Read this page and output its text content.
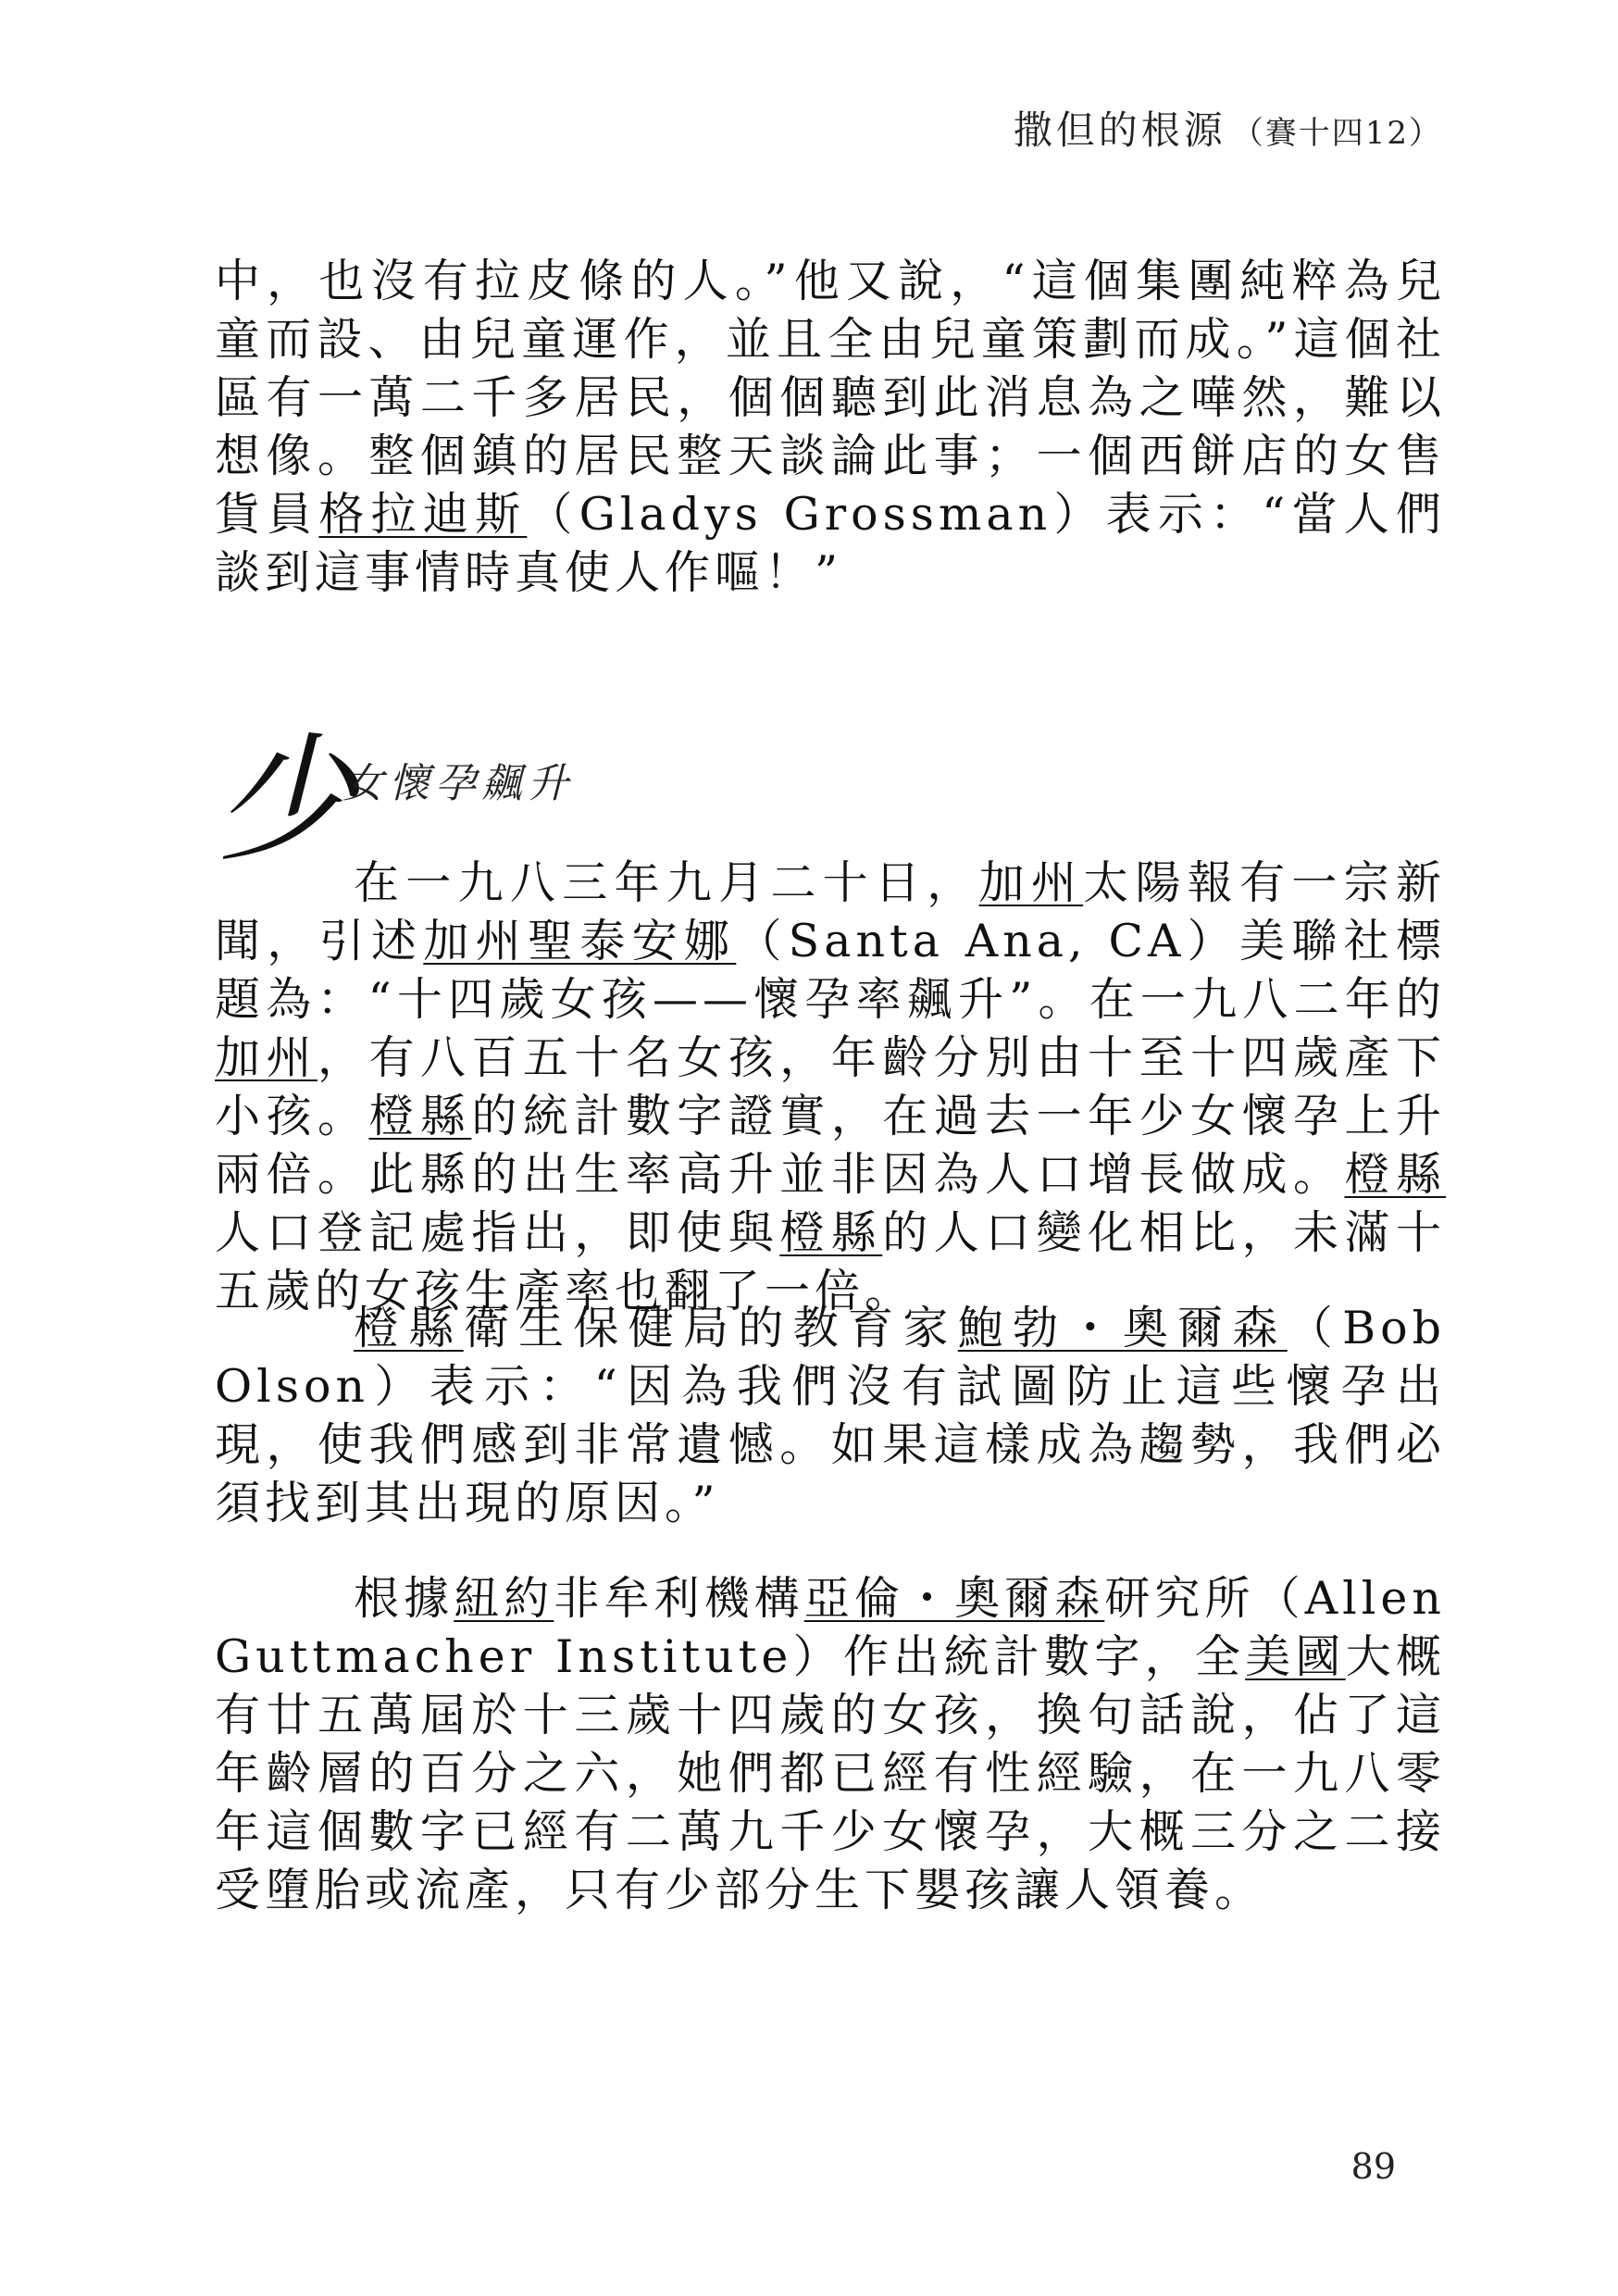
撒但的根源 （賽十四12）

中，也沒有拉皮條的人。”他又說，“這個集團純粹為兒童而設、由兒童運作，並且全由兒童策劃而成。”這個社區有一萬二千多居民，個個聽到此消息為之嘩然，難以想像。整個鎮的居民整天談論此事；一個西餅店的女售貨員格拉迪斯（Gladys Grossman）表示：“當人們談到這事情時真使人作嘔！”

少
女懷孕飆升

在一九八三年九月二十日，加州太陽報有一宗新聞，引述加州聖泰安娜（Santa Ana, CA）美聯社標題為：“十四歲女孩——懷孕率飆升”。在一九八二年的加州，有八百五十名女孩，年齡分別由十至十四歲產下小孩。橙縣的統計數字證實，在過去一年少女懷孕上升兩倍。此縣的出生率高升並非因為人口增長做成。橙縣人口登記處指出，即使與橙縣的人口變化相比，未滿十五歲的女孩生產率也翻了一倍。

橙縣衛生保健局的教育家鮑勃・奧爾森（Bob Olson）表示：“因為我們沒有試圖防止這些懷孕出現，使我們感到非常遺憾。如果這樣成為趨勢，我們必須找到其出現的原因。”

根據紐約非牟利機構亞倫・奧爾森研究所（Allen Guttmacher Institute）作出統計數字，全美國大概有廿五萬屆於十三歲十四歲的女孩，換句話說，佔了這年齡層的百分之六，她們都已經有性經驗，在一九八零年這個數字已經有二萬九千少女懷孕，大概三分之二接受墮胎或流產，只有少部分生下嬰孩讓人領養。

89
